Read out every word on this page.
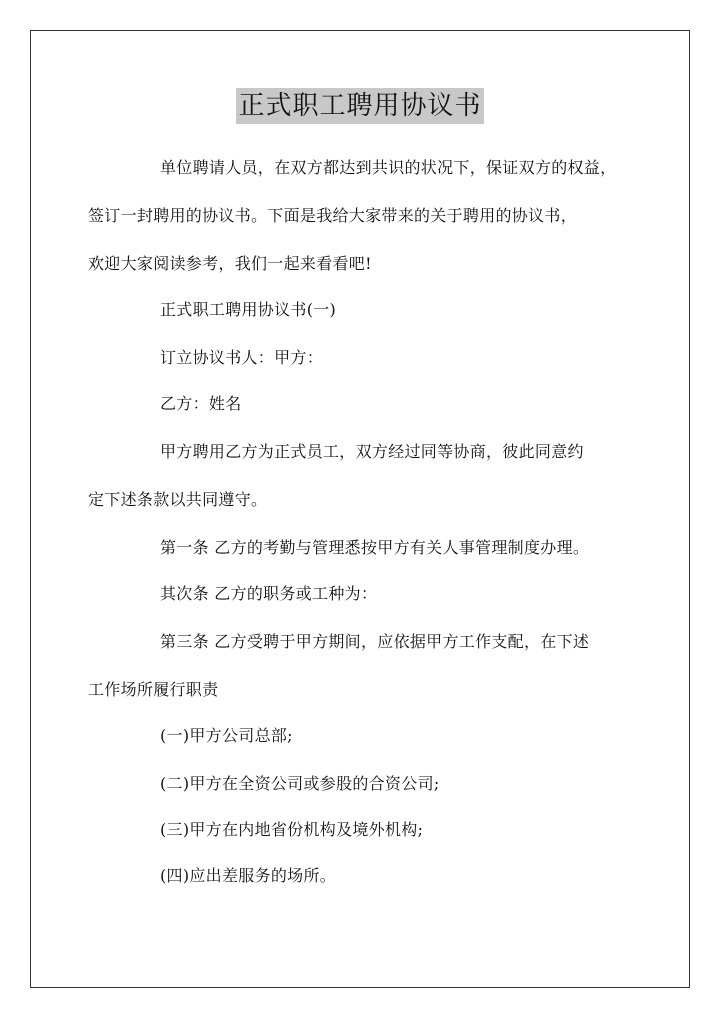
正式职工聘用协议书
单位聘请人员，在双方都达到共识的状况下，保证双方的权益，
签订一封聘用的协议书。下面是我给大家带来的关于聘用的协议书，
欢迎大家阅读参考，我们一起来看看吧!
正式职工聘用协议书(一)
订立协议书人：甲方：
乙方：姓名
甲方聘用乙方为正式员工，双方经过同等协商，彼此同意约
定下述条款以共同遵守。
第一条 乙方的考勤与管理悉按甲方有关人事管理制度办理。
其次条 乙方的职务或工种为：
第三条 乙方受聘于甲方期间，应依据甲方工作支配，在下述
工作场所履行职责
(一)甲方公司总部;
(二)甲方在全资公司或参股的合资公司;
(三)甲方在内地省份机构及境外机构;
(四)应出差服务的场所。
